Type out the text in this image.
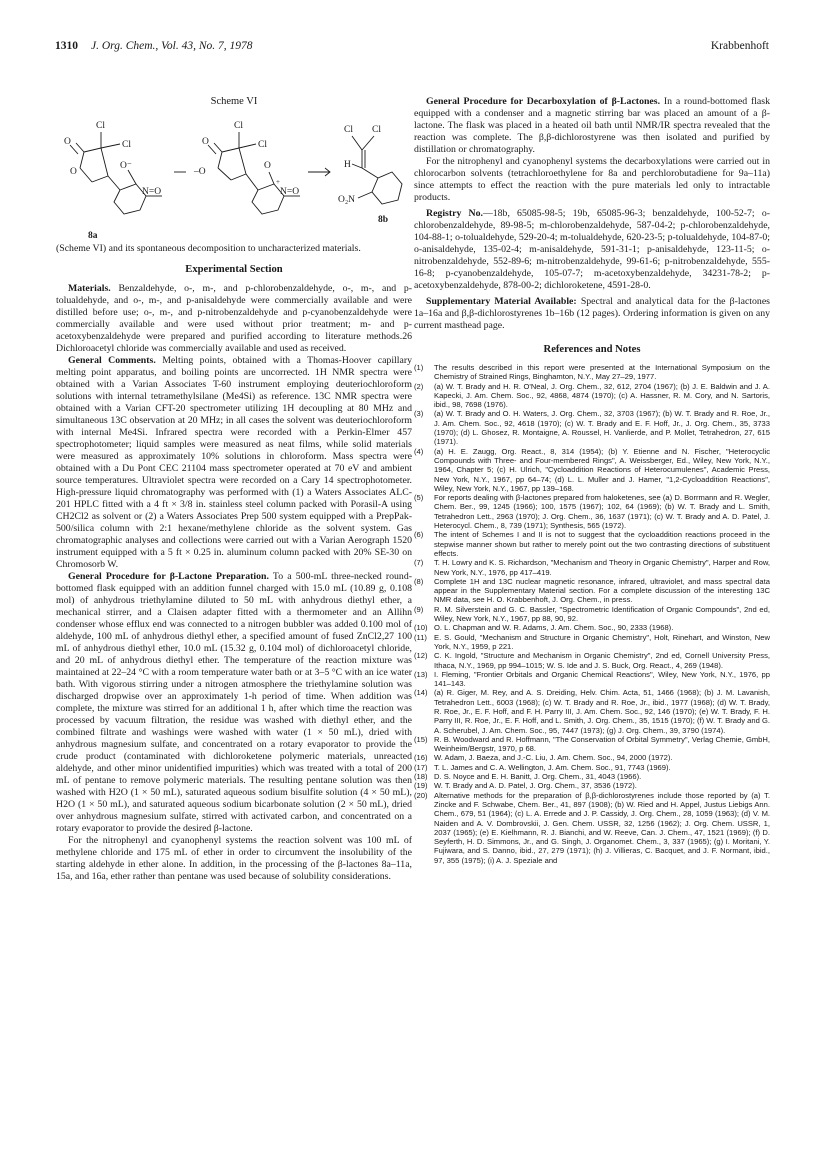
1310 J. Org. Chem., Vol. 43, No. 7, 1978	Krabbenhoft
Scheme VI
Cl
Cl
O
O
O⁻
N=O
8a
Cl
Cl
O
–O
O
N=O
+
Cl Cl
H
O₂N
8b

(Scheme VI) and its spontaneous decomposition to uncharacterized materials.

Experimental Section

Materials. Benzaldehyde, o-, m-, and p-chlorobenzaldehyde, o-, m-, and p-tolualdehyde, and o-, m-, and p-anisaldehyde were commercially available and were distilled before use; o-, m-, and p-nitrobenzaldehyde and p-cyanobenzaldehyde were commercially available and were used without prior treatment; m- and p-acetoxybenzaldehyde were prepared and purified according to literature methods.26 Dichloroacetyl chloride was commercially available and used as received.

General Comments. Melting points, obtained with a Thomas-Hoover capillary melting point apparatus, and boiling points are uncorrected. 1H NMR spectra were obtained with a Varian Associates T-60 instrument employing deuteriochloroform solutions with internal tetramethylsilane (Me4Si) as reference. 13C NMR spectra were obtained with a Varian CFT-20 spectrometer utilizing 1H decoupling at 80 MHz and simultaneous 13C observation at 20 MHz; in all cases the solvent was deuteriochloroform with internal Me4Si. Infrared spectra were recorded with a Perkin-Elmer 457 spectrophotometer; liquid samples were measured as neat films, while solid materials were measured as approximately 10% solutions in chloroform. Mass spectra were obtained with a Du Pont CEC 21104 mass spectrometer operated at 70 eV and ambient source temperatures. Ultraviolet spectra were recorded on a Cary 14 spectrophotometer. High-pressure liquid chromatography was performed with (1) a Waters Associates ALC-201 HPLC fitted with a 4 ft × 3/8 in. stainless steel column packed with Porasil-A using CH2Cl2 as solvent or (2) a Waters Associates Prep 500 system equipped with a PrepPak-500/silica column with 2:1 hexane/methylene chloride as the solvent system. Gas chromatographic analyses and collections were carried out with a Varian Aerograph 1520 instrument equipped with a 5 ft × 0.25 in. aluminum column packed with 20% SE-30 on Chromosorb W.

General Procedure for β-Lactone Preparation. To a 500-mL three-necked round-bottomed flask equipped with an addition funnel charged with 15.0 mL (10.89 g, 0.108 mol) of anhydrous triethylamine diluted to 50 mL with anhydrous diethyl ether, a mechanical stirrer, and a Claisen adapter fitted with a thermometer and an Allihn condenser whose efflux end was connected to a nitrogen bubbler was added 0.100 mol of aldehyde, 100 mL of anhydrous diethyl ether, a specified amount of fused ZnCl2,27 100 mL of anhydrous diethyl ether, 10.0 mL (15.32 g, 0.104 mol) of dichloroacetyl chloride, and 20 mL of anhydrous diethyl ether. The temperature of the reaction mixture was maintained at 22–24 °C with a room temperature water bath or at 3–5 °C with an ice water bath. With vigorous stirring under a nitrogen atmosphere the triethylamine solution was discharged dropwise over an approximately 1-h period of time. When addition was complete, the mixture was stirred for an additional 1 h, after which time the reaction was processed by vacuum filtration, the residue was washed with diethyl ether, and the combined filtrate and washings were washed with water (1 × 50 mL), dried with anhydrous magnesium sulfate, and concentrated on a rotary evaporator to provide the crude product (contaminated with dichloroketene polymeric materials, unreacted aldehyde, and other minor unidentified impurities) which was treated with a total of 200 mL of pentane to remove polymeric materials. The resulting pentane solution was then washed with H2O (1 × 50 mL), saturated aqueous sodium bisulfite solution (4 × 50 mL), H2O (1 × 50 mL), and saturated aqueous sodium bicarbonate solution (2 × 50 mL), dried over anhydrous magnesium sulfate, stirred with activated carbon, and concentrated on a rotary evaporator to provide the desired β-lactone.

For the nitrophenyl and cyanophenyl systems the reaction solvent was 100 mL of methylene chloride and 175 mL of ether in order to circumvent the insolubility of the starting aldehyde in ether alone. In addition, in the processing of the β-lactones 8a–11a, 15a, and 16a, ether rather than pentane was used because of solubility considerations.

General Procedure for Decarboxylation of β-Lactones. In a round-bottomed flask equipped with a condenser and a magnetic stirring bar was placed an amount of a β-lactone. The flask was placed in a heated oil bath until NMR/IR spectra revealed that the reaction was complete. The β,β-dichlorostyrene was then isolated and purified by distillation or chromatography.

For the nitrophenyl and cyanophenyl systems the decarboxylations were carried out in chlorocarbon solvents (tetrachloroethylene for 8a and perchlorobutadiene for 9a–11a) since attempts to effect the reaction with the pure materials led only to intractable products.

Registry No.—18b, 65085-98-5; 19b, 65085-96-3; benzaldehyde, 100-52-7; o-chlorobenzaldehyde, 89-98-5; m-chlorobenzaldehyde, 587-04-2; p-chlorobenzaldehyde, 104-88-1; o-tolualdehyde, 529-20-4; m-tolualdehyde, 620-23-5; p-tolualdehyde, 104-87-0; o-anisaldehyde, 135-02-4; m-anisaldehyde, 591-31-1; p-anisaldehyde, 123-11-5; o-nitrobenzaldehyde, 552-89-6; m-nitrobenzaldehyde, 99-61-6; p-nitrobenzaldehyde, 555-16-8; p-cyanobenzaldehyde, 105-07-7; m-acetoxybenzaldehyde, 34231-78-2; p-acetoxybenzaldehyde, 878-00-2; dichloroketene, 4591-28-0.

Supplementary Material Available: Spectral and analytical data for the β-lactones 1a–16a and β,β-dichlorostyrenes 1b–16b (12 pages). Ordering information is given on any current masthead page.

References and Notes
(1) The results described in this report were presented at the International Symposium on the Chemistry of Strained Rings, Binghamton, N.Y., May 27–29, 1977.
(2) (a) W. T. Brady and H. R. O'Neal, J. Org. Chem., 32, 612, 2704 (1967); (b) J. E. Baldwin and J. A. Kapecki, J. Am. Chem. Soc., 92, 4868, 4874 (1970); (c) A. Hassner, R. M. Cory, and N. Sartoris, ibid., 98, 7698 (1976).
(3) (a) W. T. Brady and O. H. Waters, J. Org. Chem., 32, 3703 (1967); (b) W. T. Brady and R. Roe, Jr., J. Am. Chem. Soc., 92, 4618 (1970); (c) W. T. Brady and E. F. Hoff, Jr., J. Org. Chem., 35, 3733 (1970); (d) L. Ghosez, R. Montaigne, A. Roussel, H. Vanlierde, and P. Mollet, Tetrahedron, 27, 615 (1971).
(4) (a) H. E. Zaugg, Org. React., 8, 314 (1954); (b) Y. Etienne and N. Fischer, "Heterocyclic Compounds with Three- and Four-membered Rings", A. Weissberger, Ed., Wiley, New York, N.Y., 1964, Chapter 5; (c) H. Ulrich, "Cycloaddition Reactions of Heterocumulenes", Academic Press, New York, N.Y., 1967, pp 64–74; (d) L. L. Muller and J. Hamer, "1,2-Cycloaddition Reactions", Wiley, New York, N.Y., 1967, pp 139–168.
(5) For reports dealing with β-lactones prepared from haloketenes, see (a) D. Borrmann and R. Wegler, Chem. Ber., 99, 1245 (1966); 100, 1575 (1967); 102, 64 (1969); (b) W. T. Brady and L. Smith, Tetrahedron Lett., 2963 (1970); J. Org. Chem., 36, 1637 (1971); (c) W. T. Brady and A. D. Patel, J. Heterocycl. Chem., 8, 739 (1971); Synthesis, 565 (1972).
(6) The intent of Schemes I and II is not to suggest that the cycloaddition reactions proceed in the stepwise manner shown but rather to merely point out the two contrasting directions of substituent effects.
(7) T. H. Lowry and K. S. Richardson, "Mechanism and Theory in Organic Chemistry", Harper and Row, New York, N.Y., 1976, pp 417–419.
(8) Complete 1H and 13C nuclear magnetic resonance, infrared, ultraviolet, and mass spectral data appear in the Supplementary Material section. For a complete discussion of the interesting 13C NMR data, see H. O. Krabbenhoft, J. Org. Chem., in press.
(9) R. M. Silverstein and G. C. Bassler, "Spectrometric Identification of Organic Compounds", 2nd ed, Wiley, New York, N.Y., 1967, pp 88, 90, 92.
(10) O. L. Chapman and W. R. Adams, J. Am. Chem. Soc., 90, 2333 (1968).
(11) E. S. Gould, "Mechanism and Structure in Organic Chemistry", Holt, Rinehart, and Winston, New York, N.Y., 1959, p 221.
(12) C. K. Ingold, "Structure and Mechanism in Organic Chemistry", 2nd ed, Cornell University Press, Ithaca, N.Y., 1969, pp 994–1015; W. S. Ide and J. S. Buck, Org. React., 4, 269 (1948).
(13) I. Fleming, "Frontier Orbitals and Organic Chemical Reactions", Wiley, New York, N.Y., 1976, pp 141–143.
(14) (a) R. Giger, M. Rey, and A. S. Dreiding, Helv. Chim. Acta, 51, 1466 (1968); (b) J. M. Lavanish, Tetrahedron Lett., 6003 (1968); (c) W. T. Brady and R. Roe, Jr., ibid., 1977 (1968); (d) W. T. Brady, R. Roe, Jr., E. F. Hoff, and F. H. Parry III, J. Am. Chem. Soc., 92, 146 (1970); (e) W. T. Brady, F. H. Parry III, R. Roe, Jr., E. F. Hoff, and L. Smith, J. Org. Chem., 35, 1515 (1970); (f) W. T. Brady and G. A. Scherubel, J. Am. Chem. Soc., 95, 7447 (1973); (g) J. Org. Chem., 39, 3790 (1974).
(15) R. B. Woodward and R. Hoffmann, "The Conservation of Orbital Symmetry", Verlag Chemie, GmbH, Weinheim/Bergstr, 1970, p 68.
(16) W. Adam, J. Baeza, and J.-C. Liu, J. Am. Chem. Soc., 94, 2000 (1972).
(17) T. L. James and C. A. Wellington, J. Am. Chem. Soc., 91, 7743 (1969).
(18) D. S. Noyce and E. H. Banitt, J. Org. Chem., 31, 4043 (1966).
(19) W. T. Brady and A. D. Patel, J. Org. Chem., 37, 3536 (1972).
(20) Alternative methods for the preparation of β,β-dichlorostyrenes include those reported by (a) T. Zincke and F. Schwabe, Chem. Ber., 41, 897 (1908); (b) W. Ried and H. Appel, Justus Liebigs Ann. Chem., 679, 51 (1964); (c) L. A. Errede and J. P. Cassidy, J. Org. Chem., 28, 1059 (1963); (d) V. M. Naiden and A. V. Dombrovskii, J. Gen. Chem. USSR, 32, 1256 (1962); J. Org. Chem. USSR, 1, 2037 (1965); (e) E. Kielhmann, R. J. Bianchi, and W. Reeve, Can. J. Chem., 47, 1521 (1969); (f) D. Seyferth, H. D. Simmons, Jr., and G. Singh, J. Organomet. Chem., 3, 337 (1965); (g) I. Moritani, Y. Fujiwara, and S. Danno, ibid., 27, 279 (1971); (h) J. Villieras, C. Bacquet, and J. F. Normant, ibid., 97, 355 (1975); (i) A. J. Speziale and
